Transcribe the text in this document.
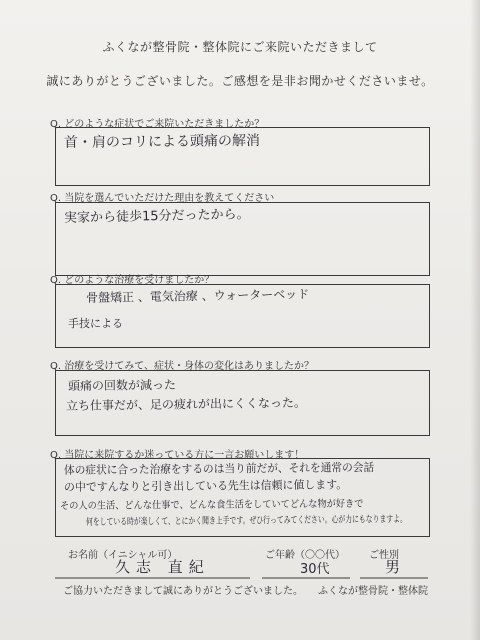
ふくなが整骨院・整体院にご来院いただきまして
誠にありがとうございました。ご感想を是非お聞かせくださいませ。
Q. どのような症状でご来院いただきましたか？
首・肩のコリによる頭痛の解消
Q. 当院を選んでいただけた理由を教えてください
実家から徒歩15分だったから。
Q. どのような治療を受けましたか？
骨盤矯正 、電気治療 、ウォーターベッド
手技による
Q. 治療を受けてみて、症状・身体の変化はありましたか？
頭痛の回数が減った
立ち仕事だが、足の疲れが出にくくなった。
Q. 当院に来院するか迷っている方に一言お願いします！
体の症状に合った治療をするのは当り前だが、それを通常の会話
の中ですんなりと引き出している先生は信頼に値します。
その人の生活、どんな仕事で、どんな食生活をしていてどんな物が好きで
何をしている時が楽しくて、とにかく聞き上手です。ぜひ行ってみてください。心が力にもなりますよ。
お名前（イニシャル可）
久志 直紀
ご年齢（〇〇代）
30代
ご性別
男
ご協力いただきまして誠にありがとうございました。 ふくなが整骨院・整体院
